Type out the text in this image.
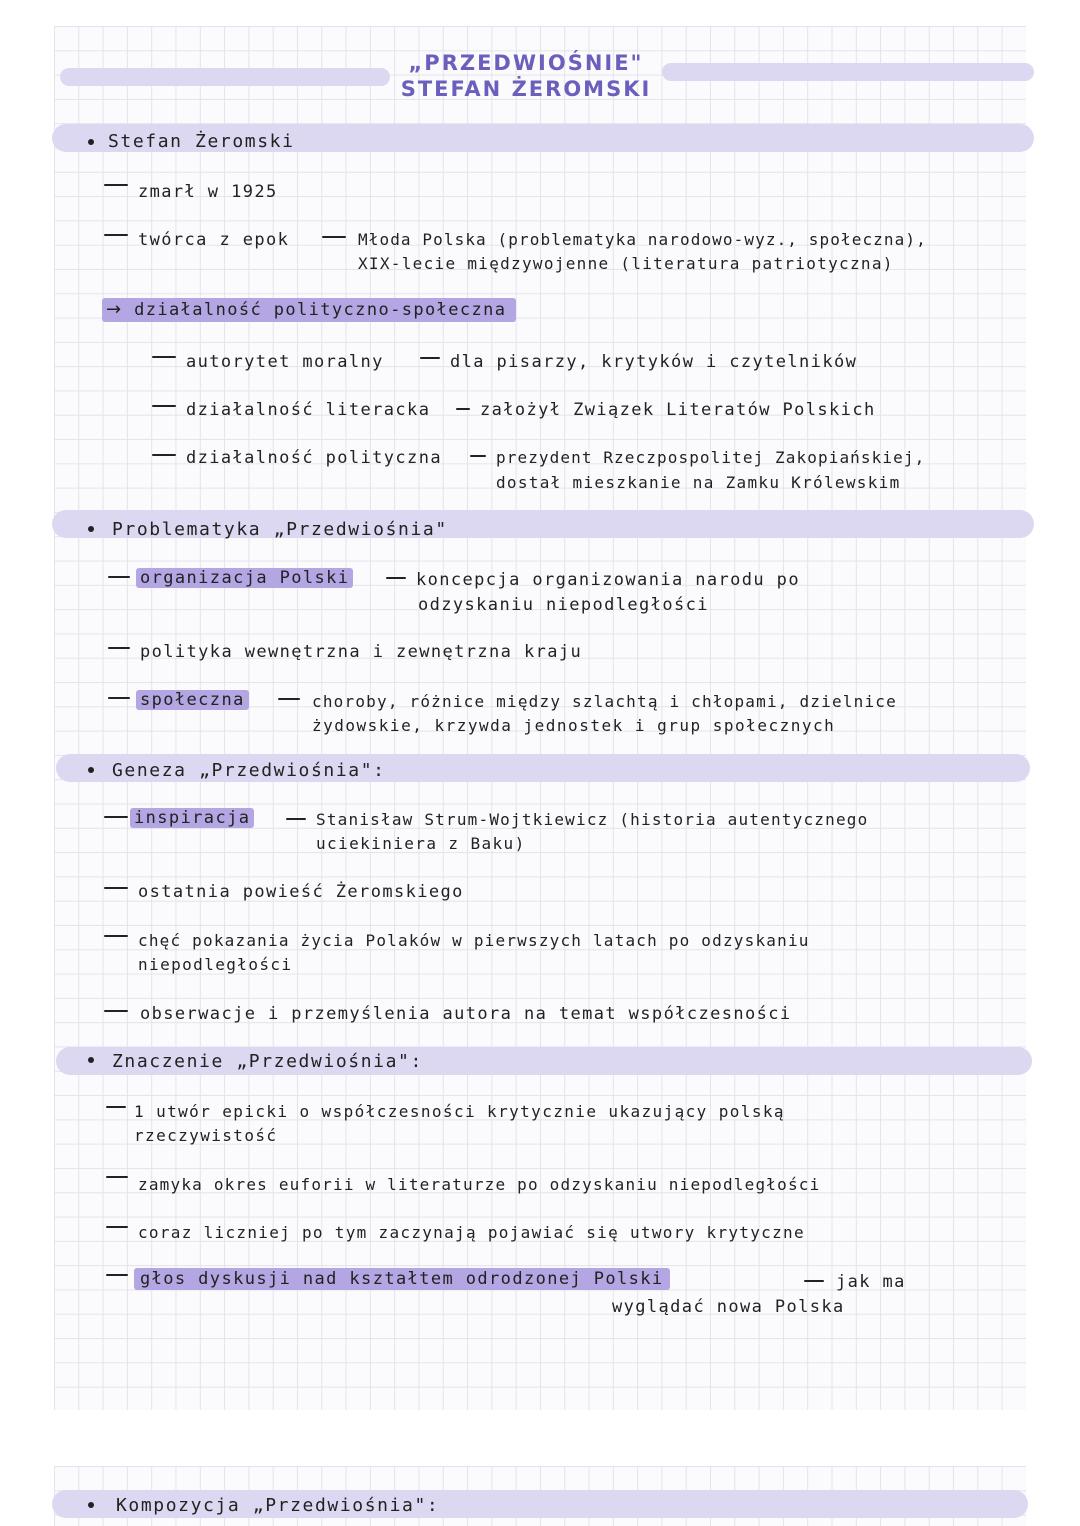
„PRZEDWIOŚNIE"
STEFAN ŻEROMSKI
Stefan Żeromski
zmarł w 1925
twórca z epok	Młoda Polska (problematyka narodowo-wyz., społeczna),
XIX-lecie międzywojenne (literatura patriotyczna)
→ działalność polityczno-społeczna
autorytet moralny	dla pisarzy, krytyków i czytelników
działalność literacka	założył Związek Literatów Polskich
działalność polityczna	prezydent Rzeczpospolitej Zakopiańskiej,
dostał mieszkanie na Zamku Królewskim
Problematyka „Przedwiośnia"
organizacja Polski	koncepcja organizowania narodu po
odzyskaniu niepodległości
polityka wewnętrzna i zewnętrzna kraju
społeczna	choroby, różnice między szlachtą i chłopami, dzielnice
żydowskie, krzywda jednostek i grup społecznych
Geneza „Przedwiośnia":
inspiracja	Stanisław Strum-Wojtkiewicz (historia autentycznego
uciekiniera z Baku)
ostatnia powieść Żeromskiego
chęć pokazania życia Polaków w pierwszych latach po odzyskaniu
niepodległości
obserwacje i przemyślenia autora na temat współczesności
Znaczenie „Przedwiośnia":
1 utwór epicki o współczesności krytycznie ukazujący polską
rzeczywistość
zamyka okres euforii w literaturze po odzyskaniu niepodległości
coraz liczniej po tym zaczynają pojawiać się utwory krytyczne
głos dyskusji nad kształtem odrodzonej Polski	jak ma
wyglądać nowa Polska
Kompozycja „Przedwiośnia":
